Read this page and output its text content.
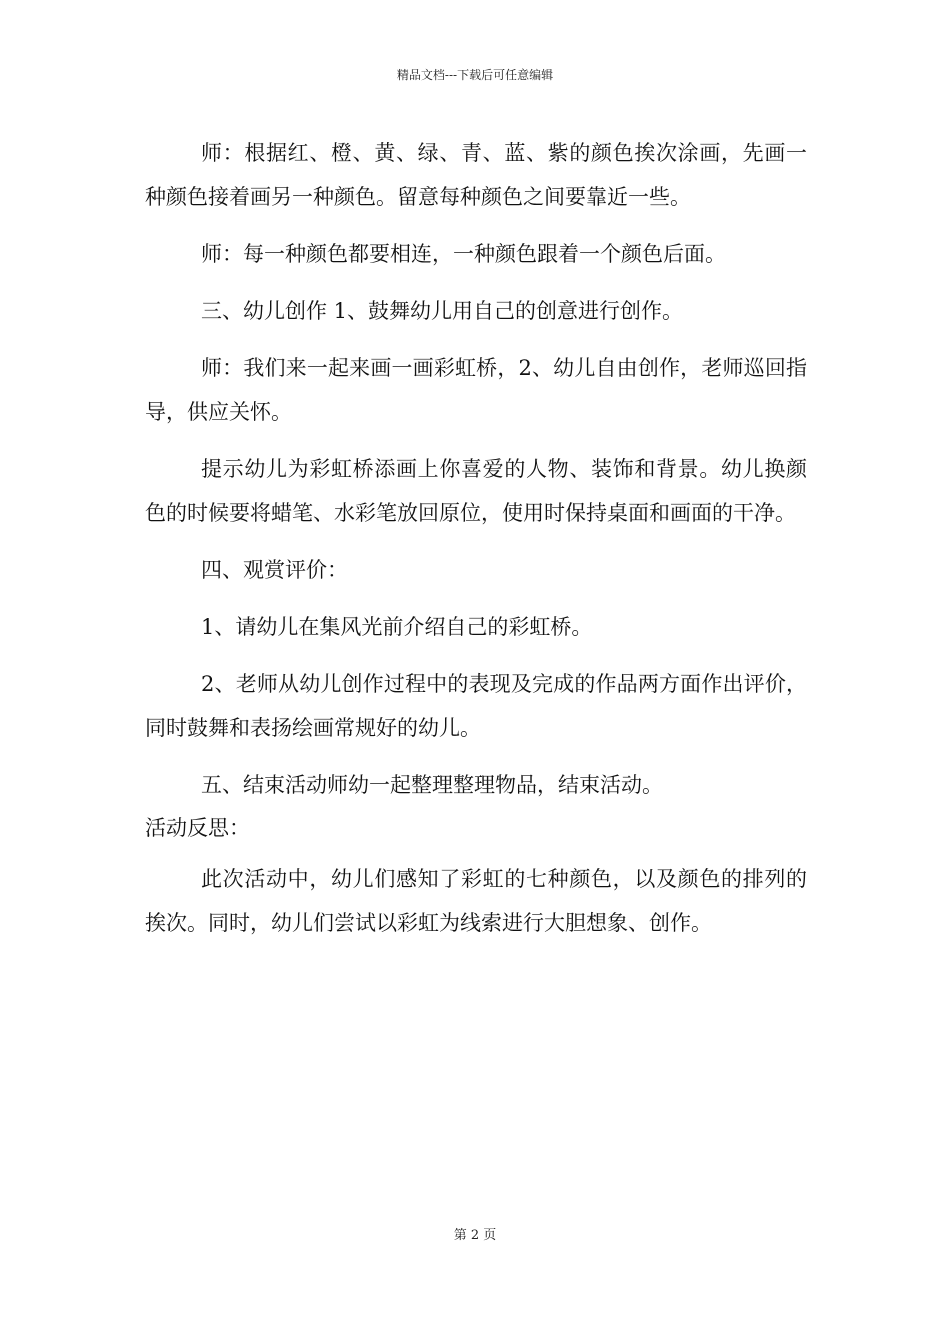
精品文档---下载后可任意编辑

师：根据红、橙、黄、绿、青、蓝、紫的颜色挨次涂画，先画一种颜色接着画另一种颜色。留意每种颜色之间要靠近一些。

师：每一种颜色都要相连，一种颜色跟着一个颜色后面。

三、幼儿创作 1、鼓舞幼儿用自己的创意进行创作。

师：我们来一起来画一画彩虹桥，2、幼儿自由创作，老师巡回指导，供应关怀。

提示幼儿为彩虹桥添画上你喜爱的人物、装饰和背景。幼儿换颜色的时候要将蜡笔、水彩笔放回原位，使用时保持桌面和画面的干净。

四、观赏评价：

1、请幼儿在集风光前介绍自己的彩虹桥。

2、老师从幼儿创作过程中的表现及完成的作品两方面作出评价，同时鼓舞和表扬绘画常规好的幼儿。

五、结束活动师幼一起整理整理物品，结束活动。

活动反思：

此次活动中，幼儿们感知了彩虹的七种颜色，以及颜色的排列的挨次。同时，幼儿们尝试以彩虹为线索进行大胆想象、创作。

第 2 页
